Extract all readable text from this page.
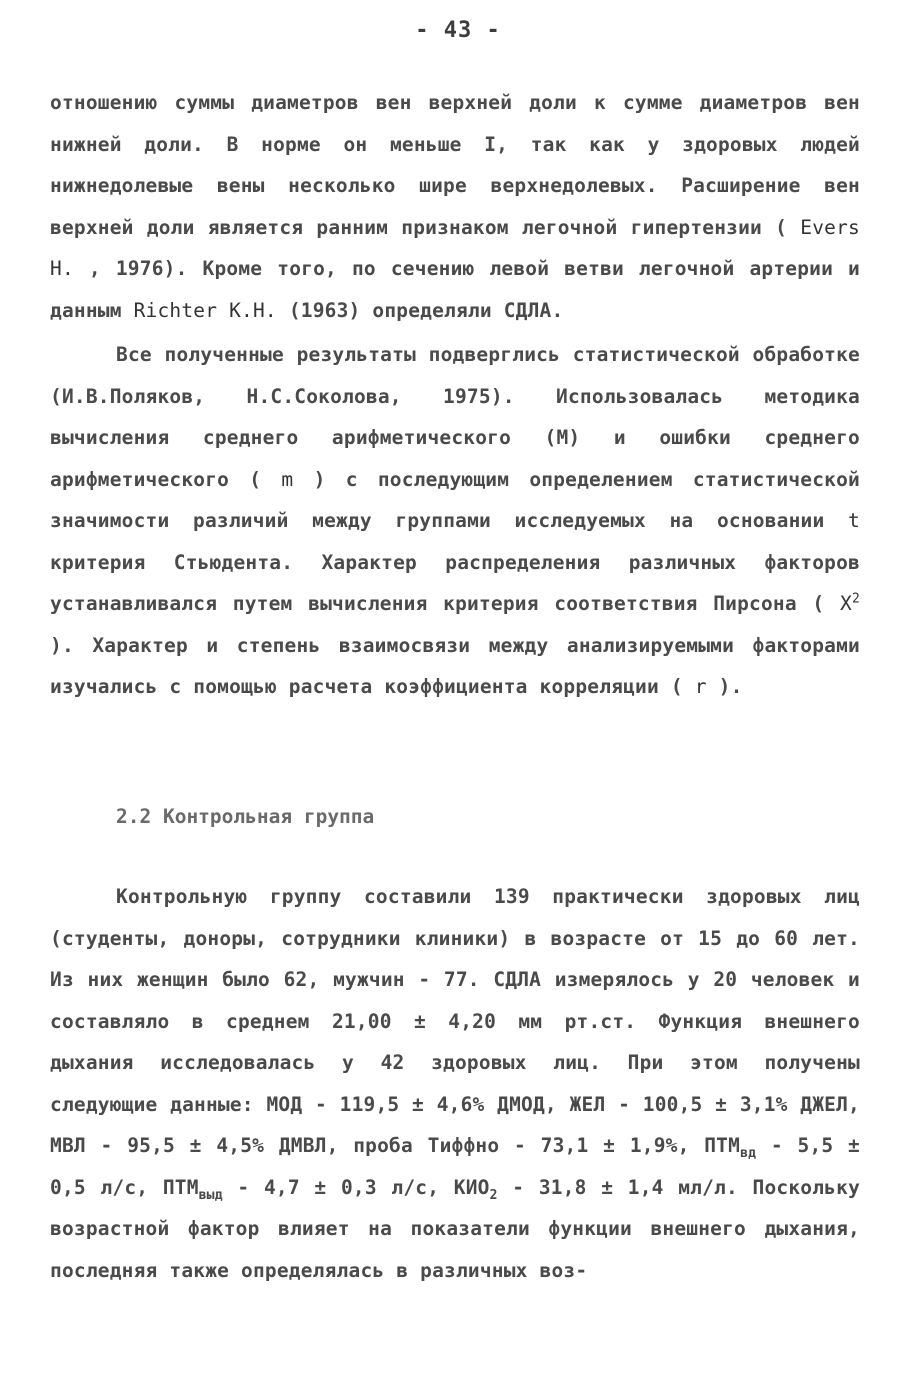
- 43 -

отношению суммы диаметров вен верхней доли к сумме диаметров вен нижней доли. В норме он меньше I, так как у здоровых людей нижнедолевые вены несколько шире верхнедолевых. Расширение вен верхней доли является ранним признаком легочной гипертензии ( Evers H. , 1976). Кроме того, по сечению левой ветви легочной артерии и данным Richter K.H. (1963) определяли СДЛА.

Все полученные результаты подверглись статистической обработке (И.В.Поляков, Н.С.Соколова, 1975). Использовалась методика вычисления среднего арифметического (М) и ошибки среднего арифметического ( m ) с последующим определением статистической значимости различий между группами исследуемых на основании t критерия Стьюдента. Характер распределения различных факторов устанавливался путем вычисления критерия соответствия Пирсона ( $X^2$ ). Характер и степень взаимосвязи между анализируемыми факторами изучались с помощью расчета коэффициента корреляции ( r ).

2.2 Контрольная группа

Контрольную группу составили 139 практически здоровых лиц (студенты, доноры, сотрудники клиники) в возрасте от 15 до 60 лет. Из них женщин было 62, мужчин - 77. СДЛА измерялось у 20 человек и составляло в среднем 21,00 ± 4,20 мм рт.ст. Функция внешнего дыхания исследовалась у 42 здоровых лиц. При этом получены следующие данные: МОД - 119,5 ± 4,6% ДМОД, ЖЕЛ - 100,5 ± 3,1% ДЖЕЛ, МВЛ - 95,5 ± 4,5% ДМВЛ, проба Тиффно - 73,1 ± 1,9%, $ПТМ_{вд} - 5,5 \pm 0,5$ л/с, $ПТМ_{выд} - 4,7 \pm 0,3$ л/с, $КИО_2 - 31,8 \pm 1,4$ мл/л. Поскольку возрастной фактор влияет на показатели функции внешнего дыхания, последняя также определялась в различных воз-
